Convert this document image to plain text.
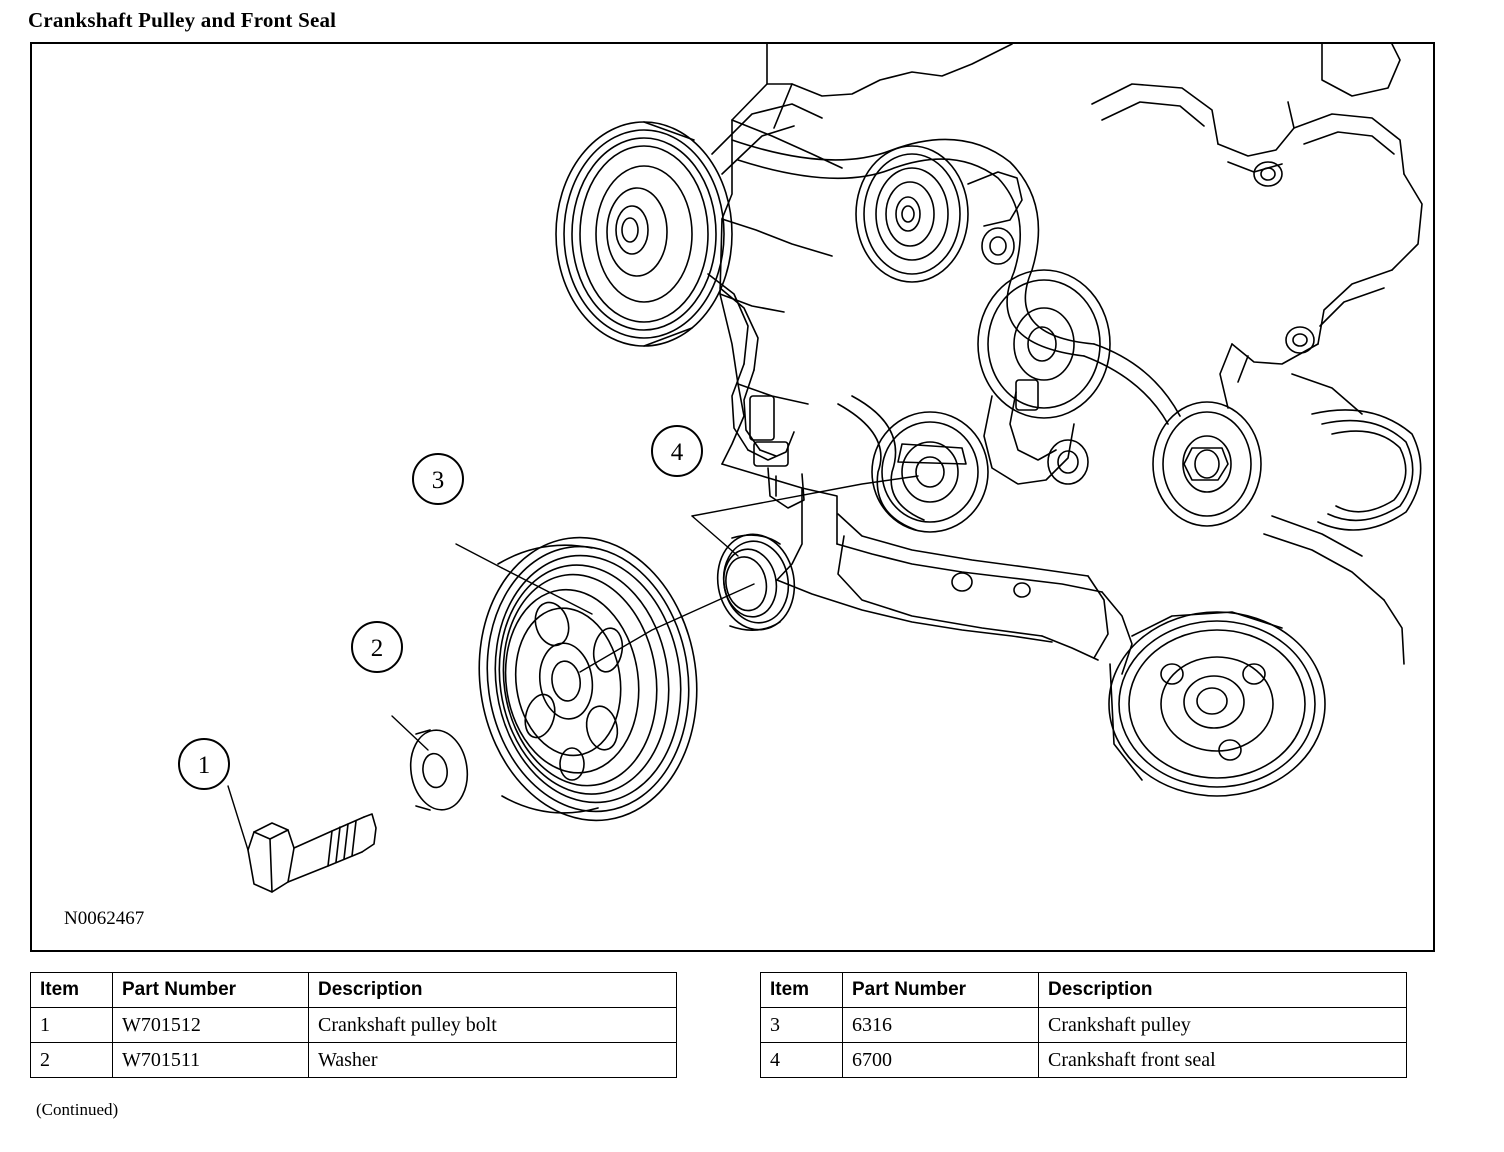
Crankshaft Pulley and Front Seal
1
2
3
4
N0062467
Item	Part Number	Description
1	W701512	Crankshaft pulley bolt
2	W701511	Washer
Item	Part Number	Description
3	6316	Crankshaft pulley
4	6700	Crankshaft front seal
(Continued)
